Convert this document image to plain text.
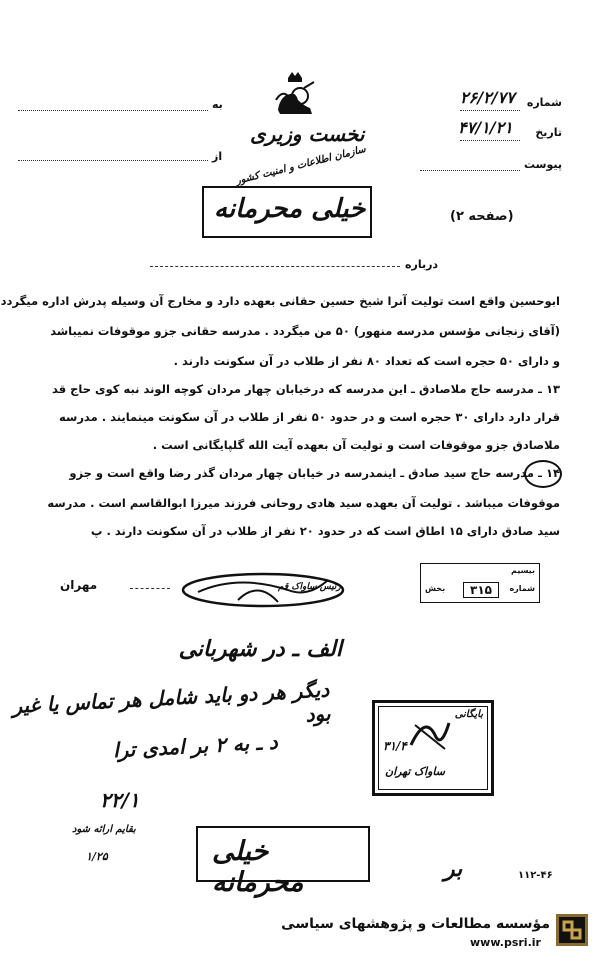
شماره
۲۶/۲/۷۷
تاریخ
۴۷/۱/۲۱
پیوست
به
از
نخست وزیری
سازمان اطلاعات و امنیت کشور
خیلی محرمانه	(صفحه ۲)
درباره
ابوحسین واقع است تولیت آنرا شیخ حسین حقانی بعهده دارد و مخارج آن وسیله پدرش اداره میگردد
(آقای زنجانی مؤسس مدرسه منهور) ۵۰ من میگردد . مدرسه حقانی جزو موقوفات نمیباشد
و دارای ۵۰ حجره است که تعداد ۸۰ نفر از طلاب در آن سکونت دارند .
۱۳ ـ مدرسه حاج ملاصادق ـ این مدرسه که درخیابان چهار مردان کوچه الوند نبه کوی حاج قد
قرار دارد دارای ۳۰ حجره است و در حدود ۵۰ نفر از طلاب در آن سکونت مینمایند . مدرسه
ملاصادق جزو موقوفات است و تولیت آن بعهده آیت الله گلپایگانی است .
۱۴ ـ مدرسه حاج سید صادق ـ اینمدرسه در خیابان چهار مردان گذر رضا واقع است و جزو
موقوفات میباشد . تولیت آن بعهده سید هادی روحانی فرزند میرزا ابوالقاسم است . مدرسه
سید صادق دارای ۱۵ اطاق است که در حدود ۲۰ نفر از طلاب در آن سکونت دارند . پ
مهران	رئیس ساواک قم
بیسیم
شماره
۳۱۵
بخش
الف ـ در شهربانی
دیگر هر دو باید شامل هر تماس یا غیر بود
د ـ به ۲ بر امدی ترا
۲۲/۱
بقایم ارائه شود
۱/۲۵	بر
بایگانی
۳۱/۴
ساواک تهران
خیلی محرمانه	۱۱۲-۴۶
مؤسسه مطالعات و پژوهشهای سیاسی
www.psri.ir
